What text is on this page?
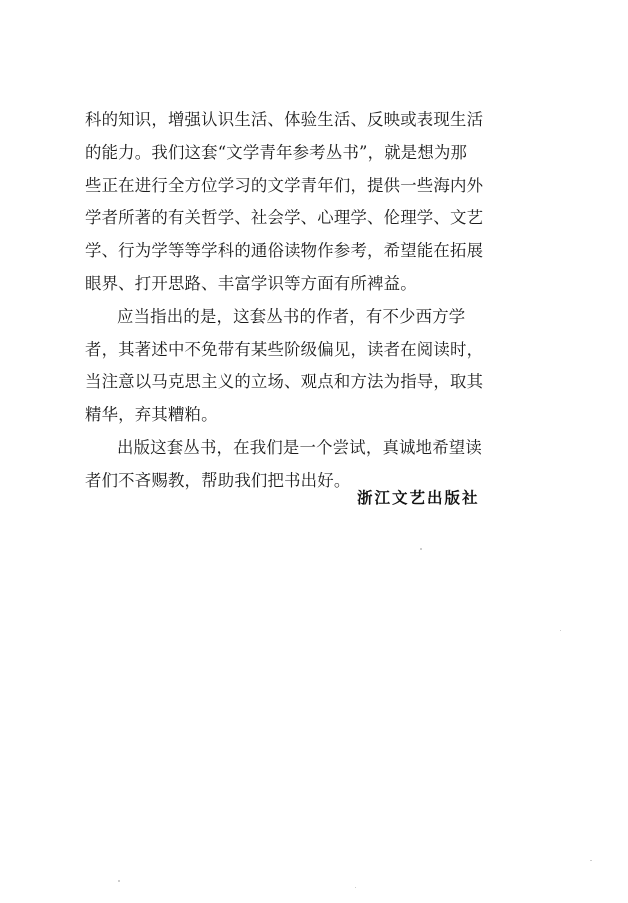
科的知识，增强认识生活、体验生活、反映或表现生活
的能力。我们这套“文学青年参考丛书”，就是想为那
些正在进行全方位学习的文学青年们，提供一些海内外
学者所著的有关哲学、社会学、心理学、伦理学、文艺
学、行为学等等学科的通俗读物作参考，希望能在拓展
眼界、打开思路、丰富学识等方面有所裨益。
应当指出的是，这套丛书的作者，有不少西方学
者，其著述中不免带有某些阶级偏见，读者在阅读时，
当注意以马克思主义的立场、观点和方法为指导，取其
精华，弃其糟粕。
出版这套丛书，在我们是一个尝试，真诚地希望读
者们不吝赐教，帮助我们把书出好。
浙江文艺出版社
